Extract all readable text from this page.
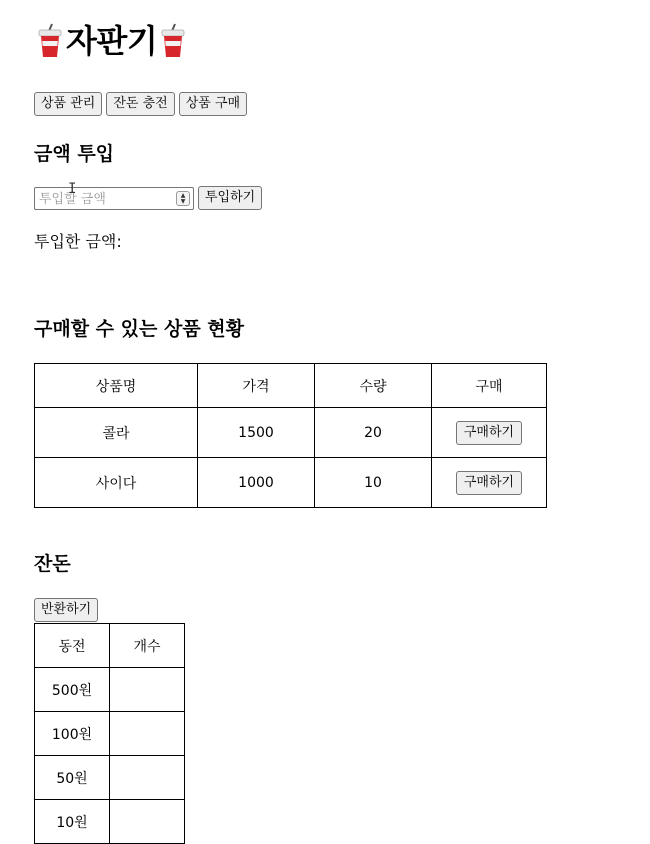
자판기
상품 관리	잔돈 충전	상품 구매
금액 투입
투입할 금액
▲
▼
I
투입하기
투입한 금액:
구매할 수 있는 상품 현황
상품명	가격	수량	구매
콜라	1500	20	구매하기
사이다	1000	10	구매하기
잔돈
반환하기
동전	개수
500원	
100원	
50원	
10원	
